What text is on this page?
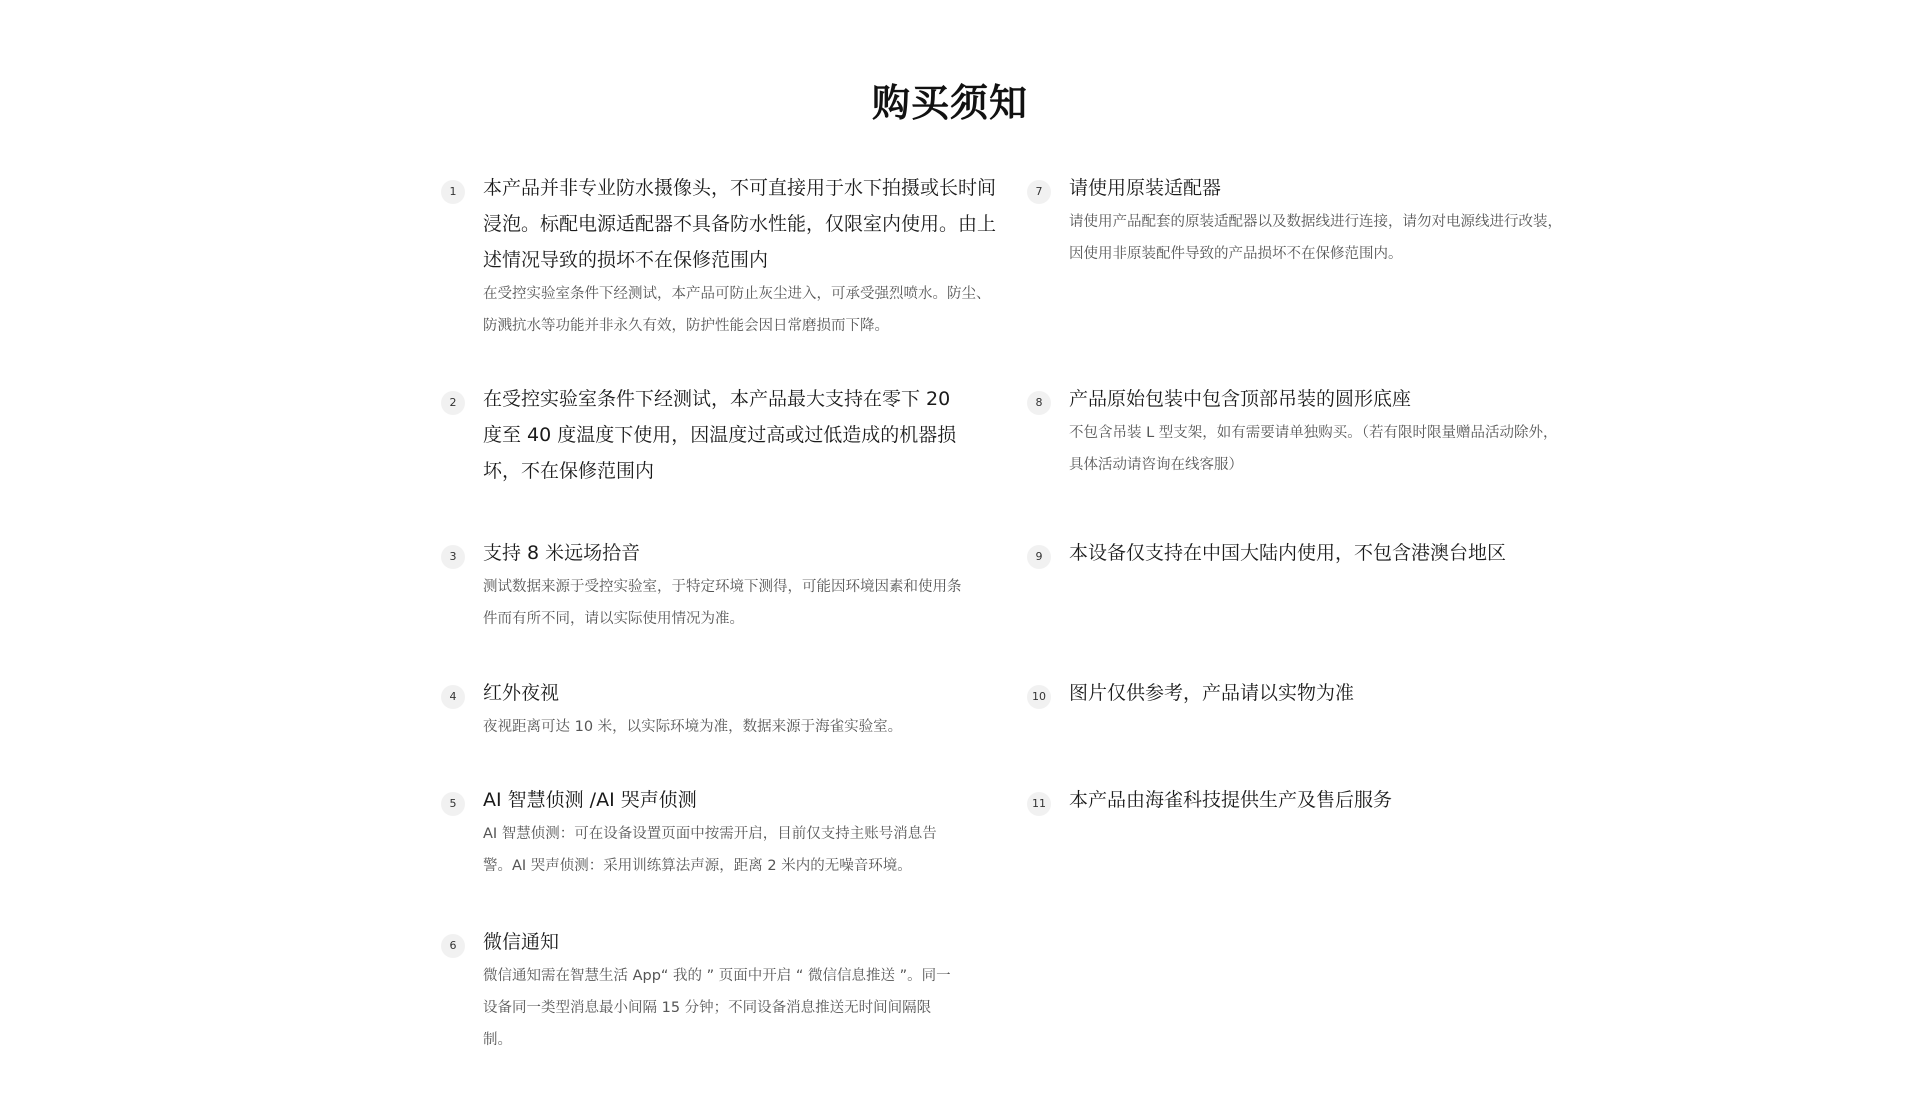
购买须知
1	本产品并非专业防水摄像头，不可直接用于水下拍摄或长时间浸泡。标配电源适配器不具备防水性能，仅限室内使用。由上述情况导致的损坏不在保修范围内

在受控实验室条件下经测试，本产品可防止灰尘进入，可承受强烈喷水。防尘、防溅抗水等功能并非永久有效，防护性能会因日常磨损而下降。

2	在受控实验室条件下经测试，本产品最大支持在零下 20 度至 40 度温度下使用，因温度过高或过低造成的机器损坏，不在保修范围内

3	支持 8 米远场拾音

测试数据来源于受控实验室，于特定环境下测得，可能因环境因素和使用条件而有所不同，请以实际使用情况为准。

4	红外夜视

夜视距离可达 10 米，以实际环境为准，数据来源于海雀实验室。

5	AI 智慧侦测 /AI 哭声侦测

AI 智慧侦测：可在设备设置页面中按需开启，目前仅支持主账号消息告警。AI 哭声侦测：采用训练算法声源，距离 2 米内的无噪音环境。

6	微信通知

微信通知需在智慧生活 App“ 我的 ” 页面中开启 “ 微信信息推送 ”。同一设备同一类型消息最小间隔 15 分钟；不同设备消息推送无时间间隔限制。

7	请使用原装适配器

请使用产品配套的原装适配器以及数据线进行连接，请勿对电源线进行改装，因使用非原装配件导致的产品损坏不在保修范围内。

8	产品原始包装中包含顶部吊装的圆形底座

不包含吊装 L 型支架，如有需要请单独购买。（若有限时限量赠品活动除外，具体活动请咨询在线客服）

9	本设备仅支持在中国大陆内使用，不包含港澳台地区

10 图片仅供参考，产品请以实物为准

11 本产品由海雀科技提供生产及售后服务
